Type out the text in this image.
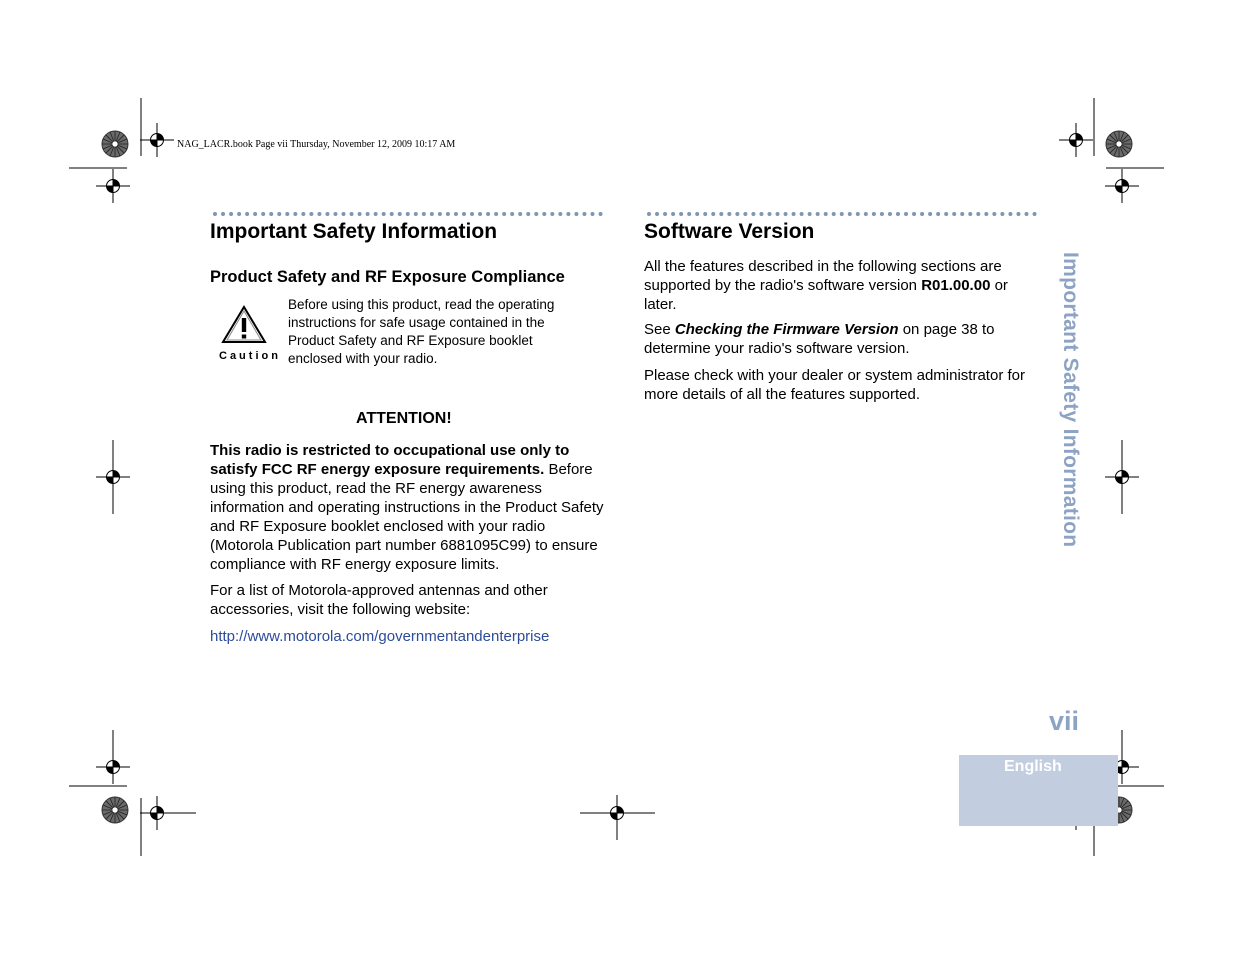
NAG_LACR.book Page vii Thursday, November 12, 2009 10:17 AM
Important Safety Information
Product Safety and RF Exposure Compliance
Caution
Before using this product, read the operating instructions for safe usage contained in the Product Safety and RF Exposure booklet enclosed with your radio.
ATTENTION!

This radio is restricted to occupational use only to satisfy FCC RF energy exposure requirements. Before using this product, read the RF energy awareness information and operating instructions in the Product Safety and RF Exposure booklet enclosed with your radio (Motorola Publication part number 6881095C99) to ensure compliance with RF energy exposure limits.

For a list of Motorola-approved antennas and other accessories, visit the following website:
http://www.motorola.com/governmentandenterprise
Software Version
All the features described in the following sections are supported by the radio's software version R01.00.00 or later.
See Checking the Firmware Version on page 38 to determine your radio's software version.
Please check with your dealer or system administrator for more details of all the features supported.	Important Safety Information
vii
English
